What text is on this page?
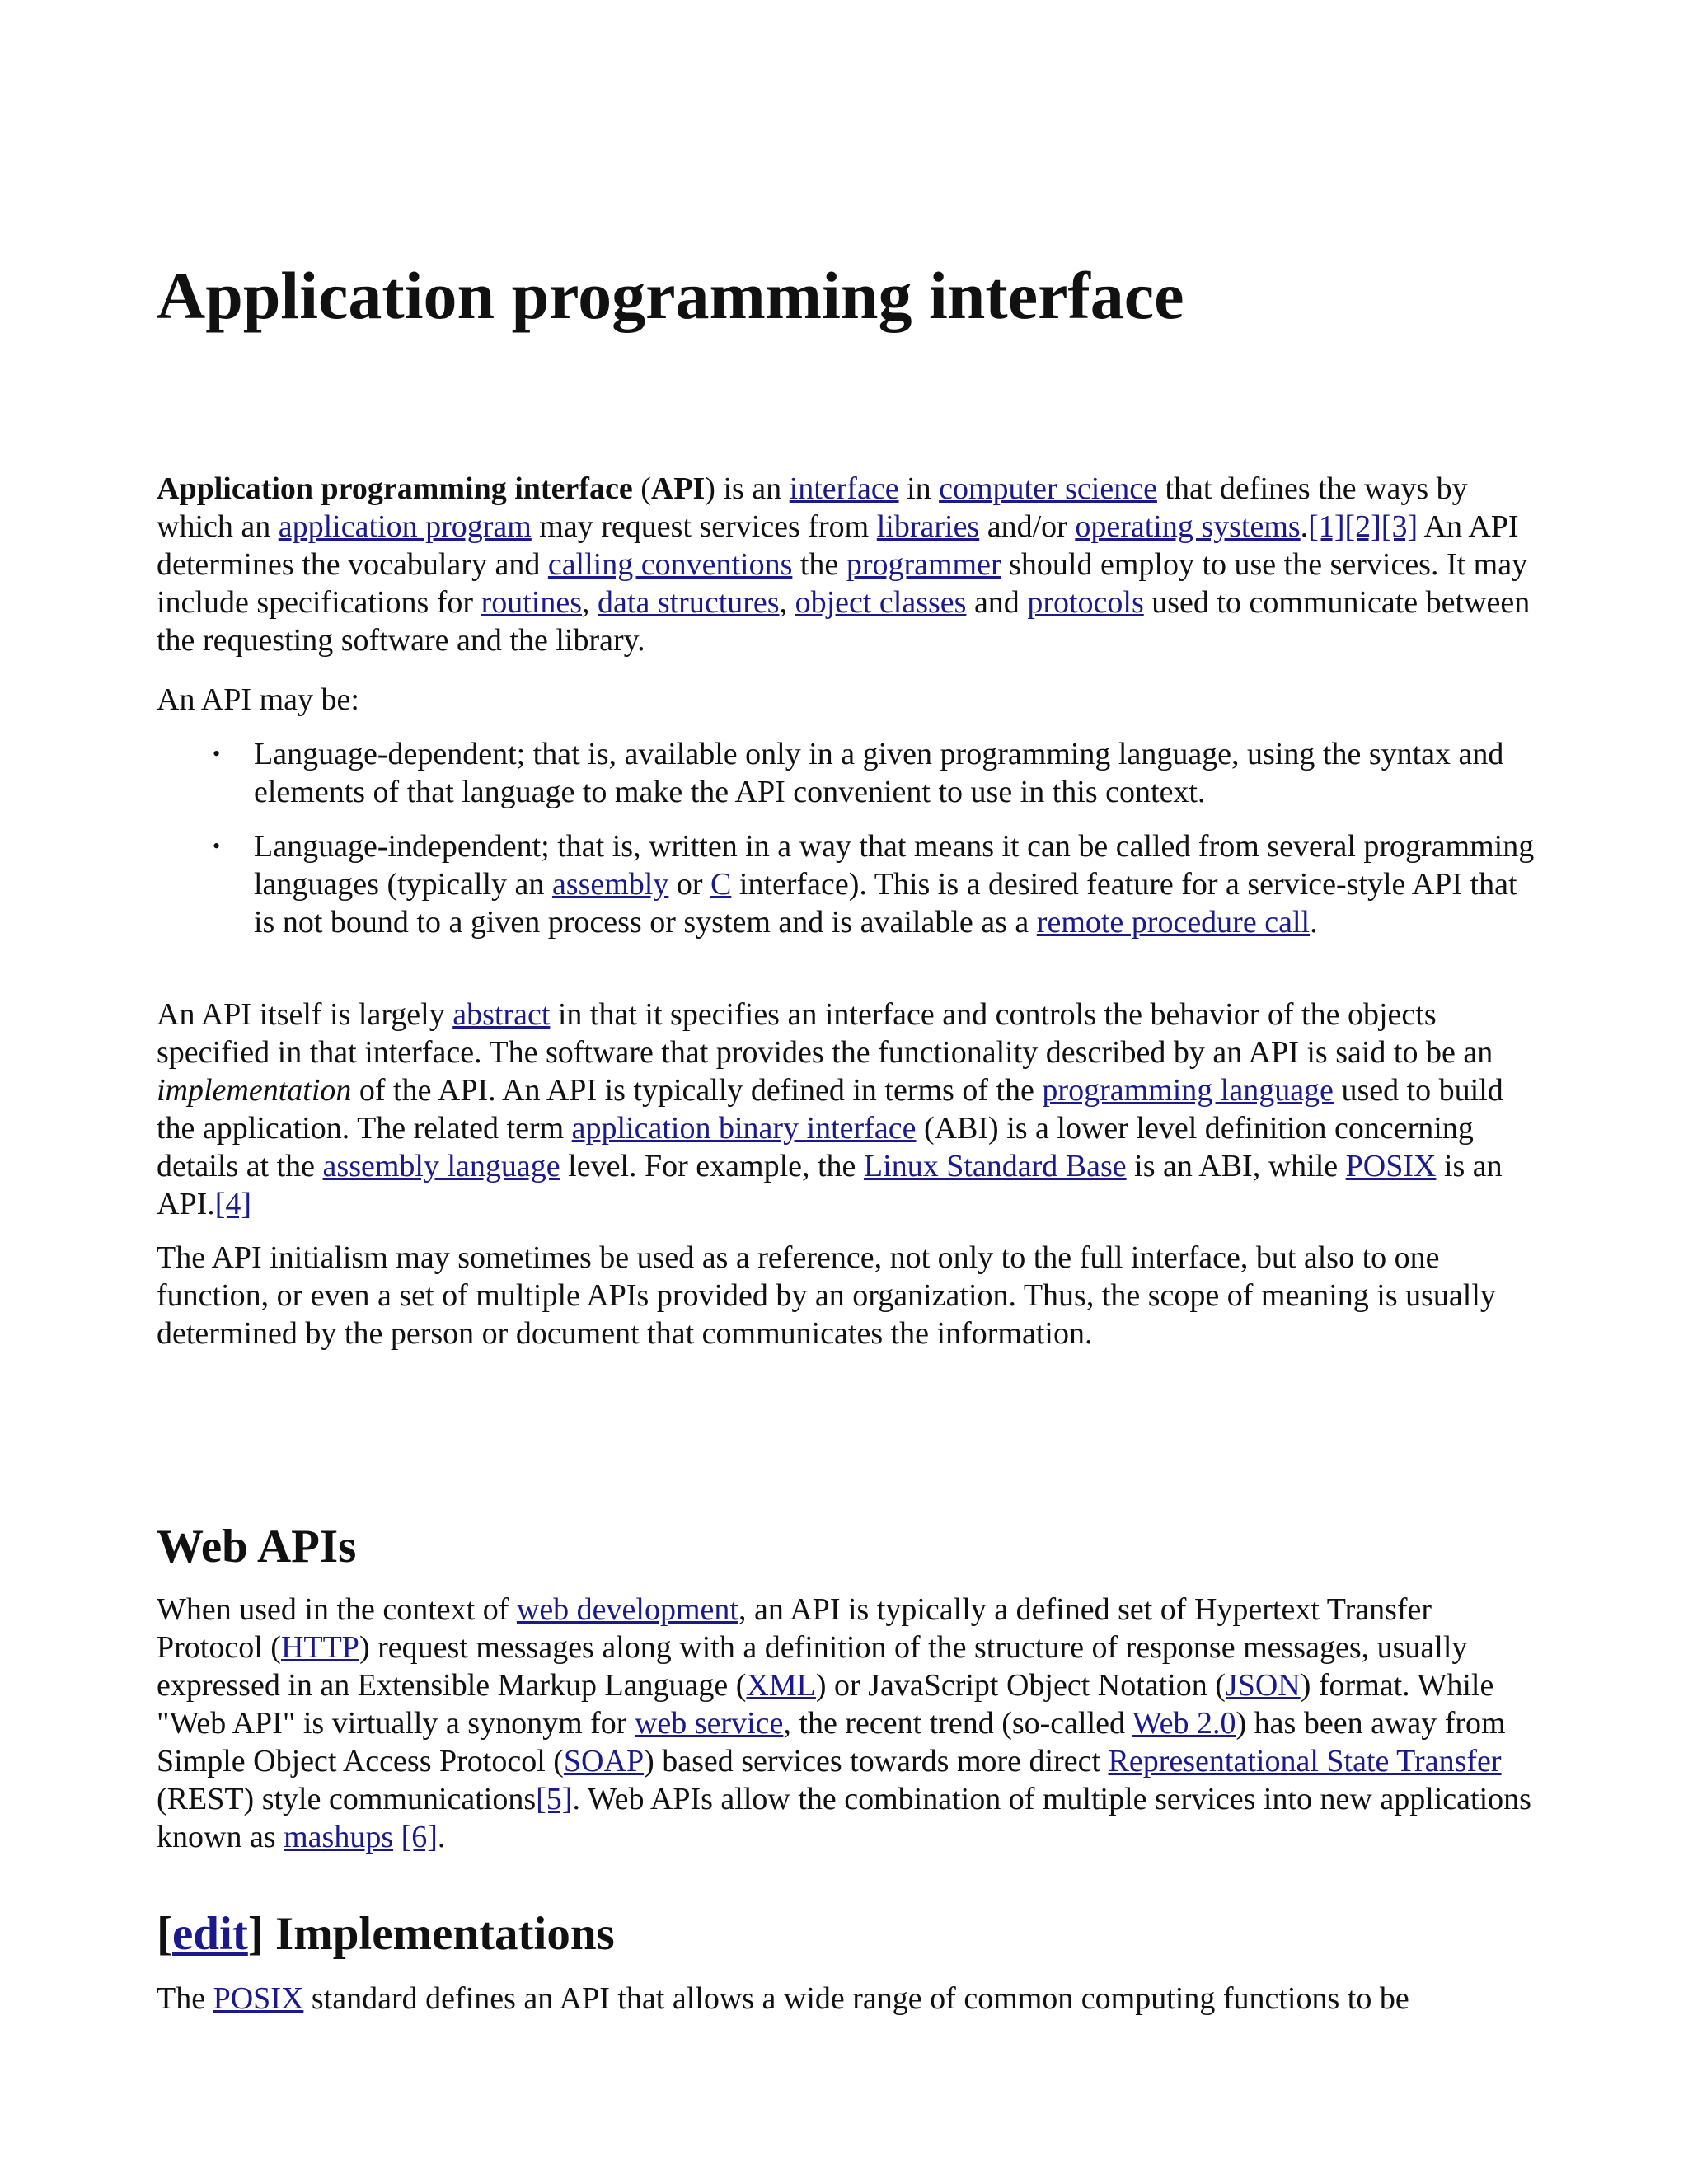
Application programming interface

Application programming interface (API) is an interface in computer science that defines the ways by which an application program may request services from libraries and/or operating systems.[1][2][3] An API determines the vocabulary and calling conventions the programmer should employ to use the services. It may include specifications for routines, data structures, object classes and protocols used to communicate between the requesting software and the library.

An API may be:

• Language-dependent; that is, available only in a given programming language, using the syntax and elements of that language to make the API convenient to use in this context.
• Language-independent; that is, written in a way that means it can be called from several programming languages (typically an assembly or C interface). This is a desired feature for a service-style API that is not bound to a given process or system and is available as a remote procedure call.

An API itself is largely abstract in that it specifies an interface and controls the behavior of the objects specified in that interface. The software that provides the functionality described by an API is said to be an implementation of the API. An API is typically defined in terms of the programming language used to build the application. The related term application binary interface (ABI) is a lower level definition concerning details at the assembly language level. For example, the Linux Standard Base is an ABI, while POSIX is an API.[4]

The API initialism may sometimes be used as a reference, not only to the full interface, but also to one function, or even a set of multiple APIs provided by an organization. Thus, the scope of meaning is usually determined by the person or document that communicates the information.

Web APIs

When used in the context of web development, an API is typically a defined set of Hypertext Transfer Protocol (HTTP) request messages along with a definition of the structure of response messages, usually expressed in an Extensible Markup Language (XML) or JavaScript Object Notation (JSON) format. While "Web API" is virtually a synonym for web service, the recent trend (so-called Web 2.0) has been away from Simple Object Access Protocol (SOAP) based services towards more direct Representational State Transfer (REST) style communications[5]. Web APIs allow the combination of multiple services into new applications known as mashups [6].

[edit] Implementations

The POSIX standard defines an API that allows a wide range of common computing functions to be
